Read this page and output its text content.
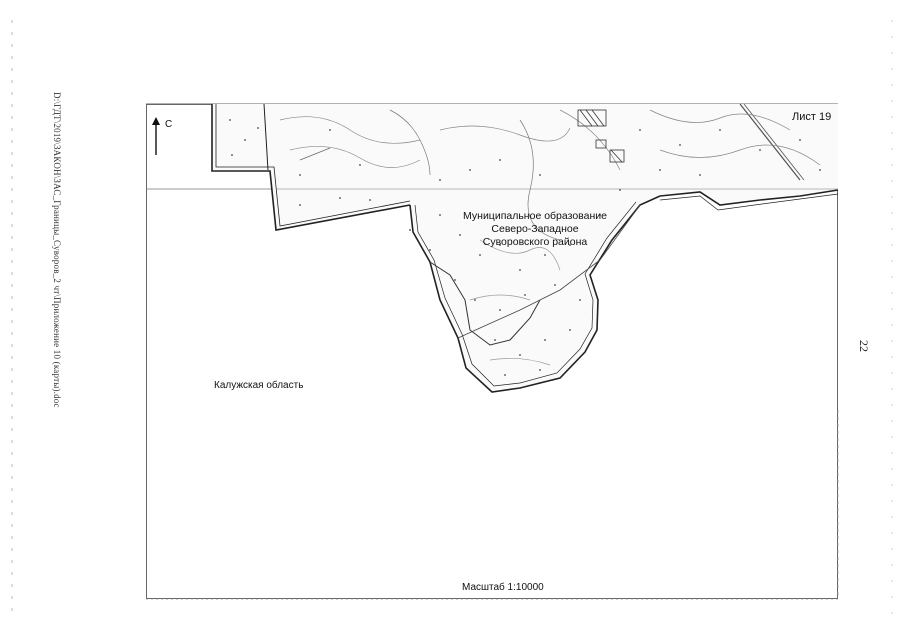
D:\ГДТ\2019\ЗАКОН\ЗАС_Границы_Суворов_2 чт\Приложение 10 (карты).doc	22
С
Лист 19
Муниципальное образование
Северо-Западное
Суворовского района
Калужская область
Масштаб 1:10000
